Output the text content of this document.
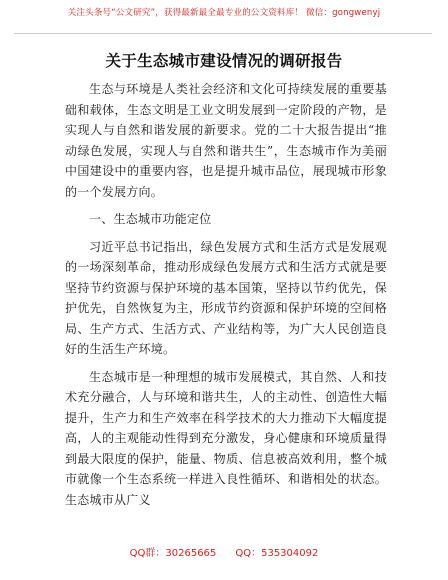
关注头条号“公文研究”，获得最新最全最专业的公文资料库！ 微信：gongwenyj
关于生态城市建设情况的调研报告

生态与环境是人类社会经济和文化可持续发展的重要基础和载体，生态文明是工业文明发展到一定阶段的产物，是实现人与自然和谐发展的新要求。党的二十大报告提出“推动绿色发展，实现人与自然和谐共生”，生态城市作为美丽中国建设中的重要内容，也是提升城市品位，展现城市形象的一个发展方向。

一、生态城市功能定位

习近平总书记指出，绿色发展方式和生活方式是发展观的一场深刻革命，推动形成绿色发展方式和生活方式就是要坚持节约资源与保护环境的基本国策，坚持以节约优先，保护优先，自然恢复为主，形成节约资源和保护环境的空间格局、生产方式、生活方式、产业结构等，为广大人民创造良好的生活生产环境。

生态城市是一种理想的城市发展模式，其自然、人和技术充分融合，人与环境和谐共生，人的主动性、创造性大幅提升，生产力和生产效率在科学技术的大力推动下大幅度提高，人的主观能动性得到充分激发，身心健康和环境质量得到最大限度的保护，能量、物质、信息被高效利用，整个城市就像一个生态系统一样进入良性循环、和谐相处的状态。生态城市从广义

QQ群：30265665      QQ：535304092
